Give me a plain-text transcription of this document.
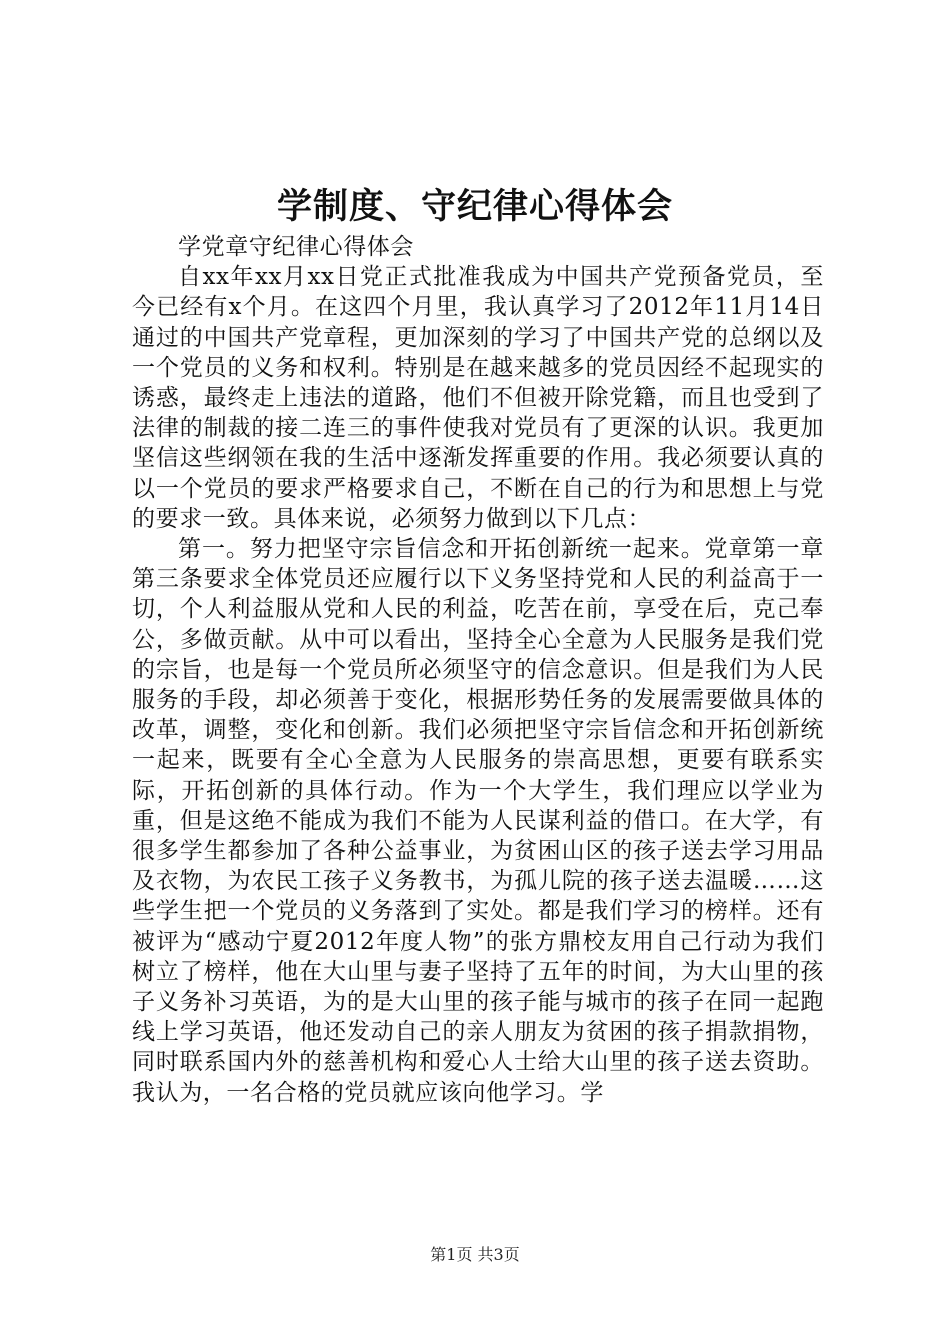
学制度、守纪律心得体会

学党章守纪律心得体会

自xx年xx月xx日党正式批准我成为中国共产党预备党员，至今已经有x个月。在这四个月里，我认真学习了2012年11月14日通过的中国共产党章程，更加深刻的学习了中国共产党的总纲以及一个党员的义务和权利。特别是在越来越多的党员因经不起现实的诱惑，最终走上违法的道路，他们不但被开除党籍，而且也受到了法律的制裁的接二连三的事件使我对党员有了更深的认识。我更加坚信这些纲领在我的生活中逐渐发挥重要的作用。我必须要认真的以一个党员的要求严格要求自己，不断在自己的行为和思想上与党的要求一致。具体来说，必须努力做到以下几点：

第一。努力把坚守宗旨信念和开拓创新统一起来。党章第一章第三条要求全体党员还应履行以下义务坚持党和人民的利益高于一切，个人利益服从党和人民的利益，吃苦在前，享受在后，克己奉公，多做贡献。从中可以看出，坚持全心全意为人民服务是我们党的宗旨，也是每一个党员所必须坚守的信念意识。但是我们为人民服务的手段，却必须善于变化，根据形势任务的发展需要做具体的改革，调整，变化和创新。我们必须把坚守宗旨信念和开拓创新统一起来，既要有全心全意为人民服务的崇高思想，更要有联系实际，开拓创新的具体行动。作为一个大学生，我们理应以学业为重，但是这绝不能成为我们不能为人民谋利益的借口。在大学，有很多学生都参加了各种公益事业，为贫困山区的孩子送去学习用品及衣物，为农民工孩子义务教书，为孤儿院的孩子送去温暖……这些学生把一个党员的义务落到了实处。都是我们学习的榜样。还有被评为“感动宁夏2012年度人物”的张方鼎校友用自己行动为我们树立了榜样，他在大山里与妻子坚持了五年的时间，为大山里的孩子义务补习英语，为的是大山里的孩子能与城市的孩子在同一起跑线上学习英语，他还发动自己的亲人朋友为贫困的孩子捐款捐物，同时联系国内外的慈善机构和爱心人士给大山里的孩子送去资助。我认为，一名合格的党员就应该向他学习。学

第1页 共3页
